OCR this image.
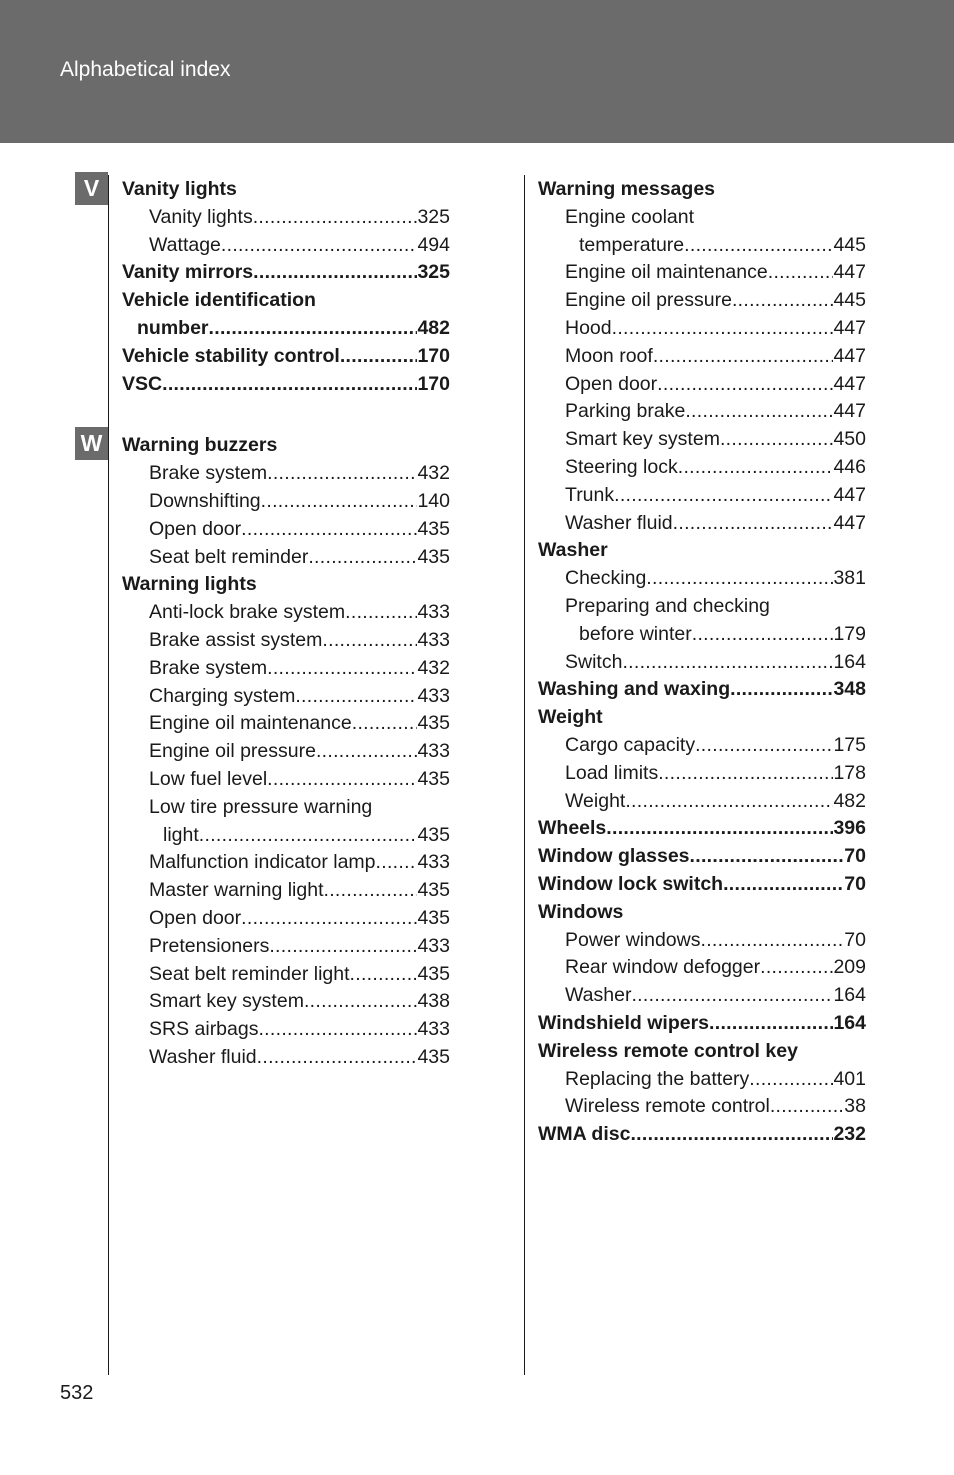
Alphabetical index
V
W
Vanity lights
Vanity lights .....	325
Wattage .....	494
Vanity mirrors .....	325
Vehicle identification
number .....	482
Vehicle stability control .....	170
VSC .....	170
Warning buzzers
Brake system .....	432
Downshifting .....	140
Open door .....	435
Seat belt reminder .....	435
Warning lights
Anti-lock brake system .....	433
Brake assist system .....	433
Brake system .....	432
Charging system .....	433
Engine oil maintenance .....	435
Engine oil pressure .....	433
Low fuel level .....	435
Low tire pressure warning
light .....	435
Malfunction indicator lamp ..... 433
Master warning light .....	435
Open door .....	435
Pretensioners .....	433
Seat belt reminder light .....	435
Smart key system .....	438
SRS airbags .....	433
Washer fluid .....	435
Warning messages
Engine coolant
temperature .....	445
Engine oil maintenance .....	447
Engine oil pressure .....	445
Hood .....	447
Moon roof .....	447
Open door .....	447
Parking brake .....	447
Smart key system .....	450
Steering lock .....	446
Trunk .....	447
Washer fluid .....	447
Washer
Checking .....	381
Preparing and checking
before winter .....	179
Switch .....	164
Washing and waxing .....	348
Weight
Cargo capacity .....	175
Load limits .....	178
Weight .....	482
Wheels .....	396
Window glasses .....	70
Window lock switch .....	70
Windows
Power windows .....	70
Rear window defogger .....	209
Washer .....	164
Windshield wipers .....	164
Wireless remote control key
Replacing the battery .....	401
Wireless remote control .....	38
WMA disc .....	232
532
